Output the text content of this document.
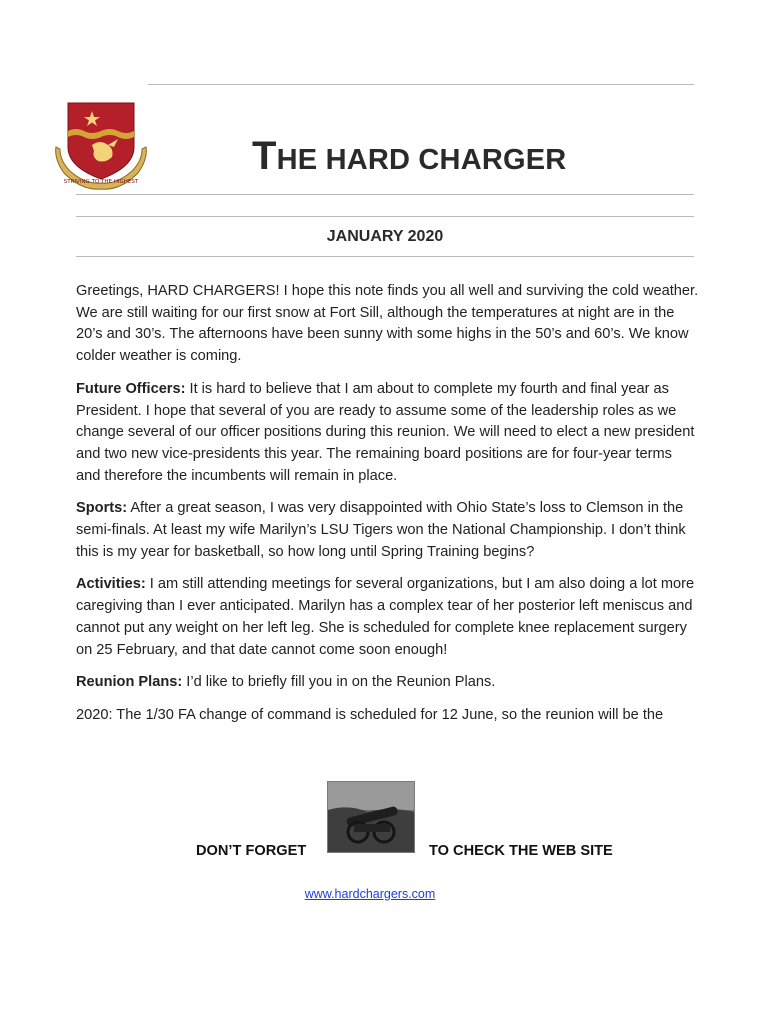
STRIVING TO THE HIGHEST
THE HARD CHARGER
JANUARY 2020

Greetings, HARD CHARGERS! I hope this note finds you all well and surviving the cold weather. We are still waiting for our first snow at Fort Sill, although the temperatures at night are in the 20’s and 30’s. The afternoons have been sunny with some highs in the 50’s and 60’s. We know colder weather is coming.

Future Officers: It is hard to believe that I am about to complete my fourth and final year as President. I hope that several of you are ready to assume some of the leadership roles as we change several of our officer positions during this reunion. We will need to elect a new president and two new vice-presidents this year. The remaining board positions are for four-year terms and therefore the incumbents will remain in place.

Sports: After a great season, I was very disappointed with Ohio State’s loss to Clemson in the semi-finals. At least my wife Marilyn’s LSU Tigers won the National Championship. I don’t think this is my year for basketball, so how long until Spring Training begins?

Activities: I am still attending meetings for several organizations, but I am also doing a lot more caregiving than I ever anticipated. Marilyn has a complex tear of her posterior left meniscus and cannot put any weight on her left leg. She is scheduled for complete knee replacement surgery on 25 February, and that date cannot come soon enough!

Reunion Plans: I’d like to briefly fill you in on the Reunion Plans.

2020: The 1/30 FA change of command is scheduled for 12 June, so the reunion will be the

DON’T FORGET	TO CHECK THE WEB SITE
www.hardchargers.com
